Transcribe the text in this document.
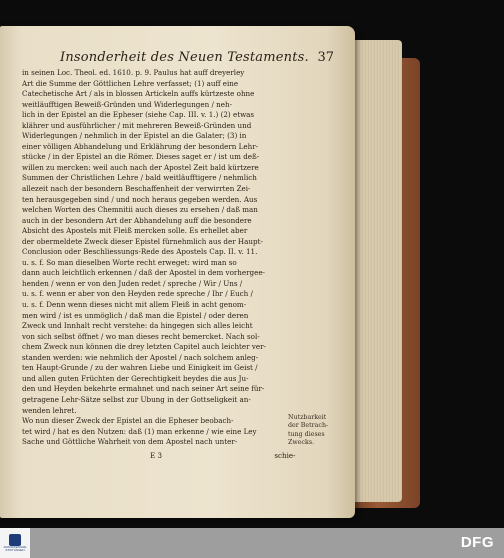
Insonderheit des Neuen Testaments. 37
in seinen Loc. Theol. ed. 1610. p. 9. Paulus hat auff dreyerley
Art die Summe der Göttlichen Lehre verfasset; (1) auff eine
Catechetische Art / als in blossen Artickeln auffs kürtzeste ohne
weitläufftigen Beweiß-Gründen und Widerlegungen / neh-
lich in der Epistel an die Epheser (siehe Cap. III. v. 1.) (2) etwas
klährer und ausführlicher / mit mehreren Beweiß-Gründen und
Widerlegungen / nehmlich in der Epistel an die Galater; (3) in
einer völligen Abhandelung und Erklährung der besondern Lehr-
stücke / in der Epistel an die Römer. Dieses saget er / ist um deß-
willen zu mercken: weil auch nach der Apostel Zeit bald kürtzere
Summen der Christlichen Lehre / bald weitläufftigere / nehmlich
allezeit nach der besondern Beschaffenheit der verwirrten Zei-
ten herausgegeben sind / und noch heraus gegeben werden. Aus
welchen Worten des Chemnitii auch dieses zu ersehen / daß man
auch in der besondern Art der Abhandelung auff die besondere
Absicht des Apostels mit Fleiß mercken solle. Es erhellet aber
der obermeldete Zweck dieser Epistel fürnehmlich aus der Haupt-
Conclusion oder Beschliessungs-Rede des Apostels Cap. II. v. 11.
u. s. f. So man dieselben Worte recht erweget: wird man so
dann auch leichtlich erkennen / daß der Apostel in dem vorhergee-
henden / wenn er von den Juden redet / spreche / Wir / Uns /
u. s. f. wenn er aber von den Heyden rede spreche / Ihr / Euch /
u. s. f. Denn wenn dieses nicht mit allem Fleiß in acht genom-
men wird / ist es unmöglich / daß man die Epistel / oder deren
Zweck und Innhalt recht verstehe: da hingegen sich alles leicht
von sich selbst öffnet / wo man dieses recht bemercket. Nach sol-
chem Zweck nun können die drey letzten Capitel auch leichter ver-
standen werden: wie nehmlich der Apostel / nach solchem anleg-
ten Haupt-Grunde / zu der wahren Liebe und Einigkeit im Geist /
und allen guten Früchten der Gerechtigkeit beydes die aus Ju-
den und Heyden bekehrte ermahnet und nach seiner Art seine für-
getragene Lehr-Sätze selbst zur Ubung in der Gottseligkeit an-
wenden lehret.
Wo nun dieser Zweck der Epistel an die Epheser beobach-
tet wird / hat es den Nutzen: daß (1) man erkenne / wie eine Ley
Sache und Göttliche Wahrheit von dem Apostel nach unter-
Nutzbarkeit
der Betrach-
tung dieses
Zwecks.
E 3	schie-
FRANCKESCHE
STIFTUNGEN	DFG
